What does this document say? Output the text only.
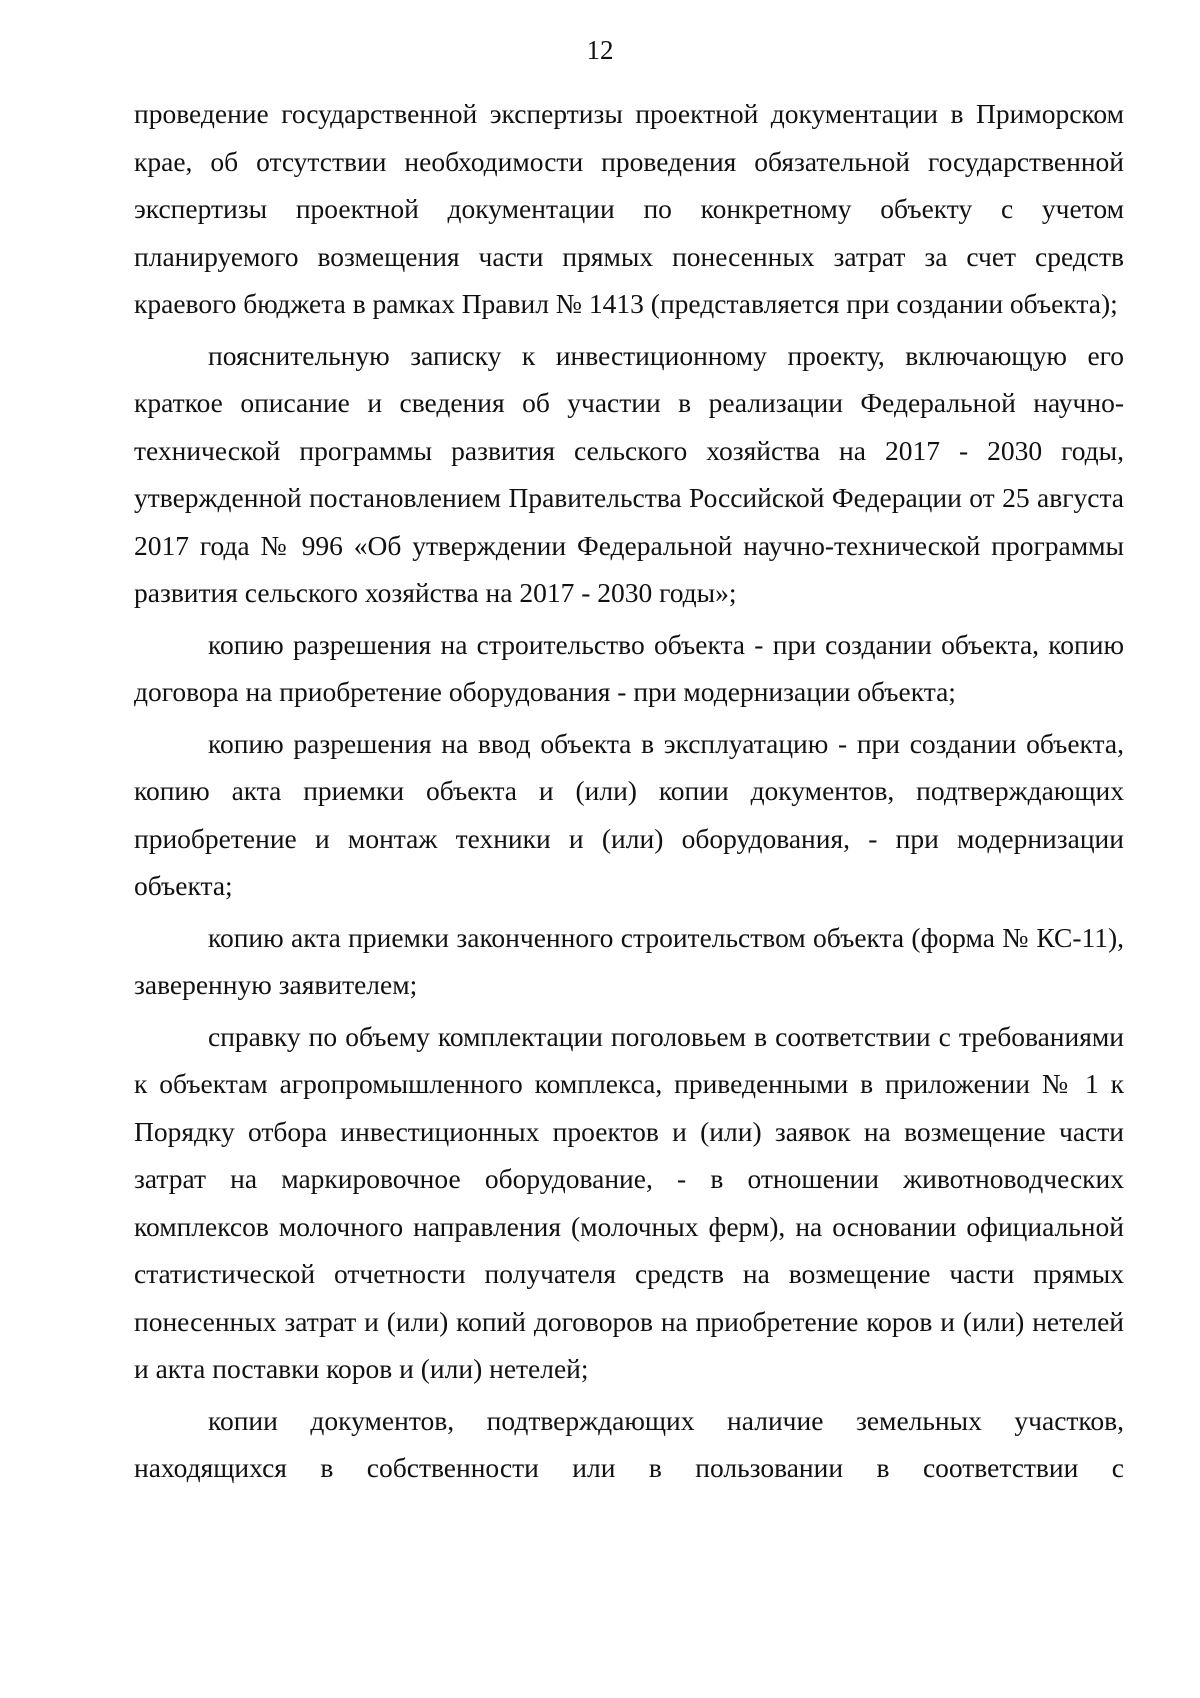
12

проведение государственной экспертизы проектной документации в Приморском крае, об отсутствии необходимости проведения обязательной государственной экспертизы проектной документации по конкретному объекту с учетом планируемого возмещения части прямых понесенных затрат за счет средств краевого бюджета в рамках Правил № 1413 (представляется при создании объекта);

пояснительную записку к инвестиционному проекту, включающую его краткое описание и сведения об участии в реализации Федеральной научно-технической программы развития сельского хозяйства на 2017 - 2030 годы, утвержденной постановлением Правительства Российской Федерации от 25 августа 2017 года № 996 «Об утверждении Федеральной научно-технической программы развития сельского хозяйства на 2017 - 2030 годы»;

копию разрешения на строительство объекта - при создании объекта, копию договора на приобретение оборудования - при модернизации объекта;

копию разрешения на ввод объекта в эксплуатацию - при создании объекта, копию акта приемки объекта и (или) копии документов, подтверждающих приобретение и монтаж техники и (или) оборудования, - при модернизации объекта;

копию акта приемки законченного строительством объекта (форма № КС-11), заверенную заявителем;

справку по объему комплектации поголовьем в соответствии с требованиями к объектам агропромышленного комплекса, приведенными в приложении № 1 к Порядку отбора инвестиционных проектов и (или) заявок на возмещение части затрат на маркировочное оборудование, - в отношении животноводческих комплексов молочного направления (молочных ферм), на основании официальной статистической отчетности получателя средств на возмещение части прямых понесенных затрат и (или) копий договоров на приобретение коров и (или) нетелей и акта поставки коров и (или) нетелей;

копии документов, подтверждающих наличие земельных участков, находящихся в собственности или в пользовании в соответствии с
